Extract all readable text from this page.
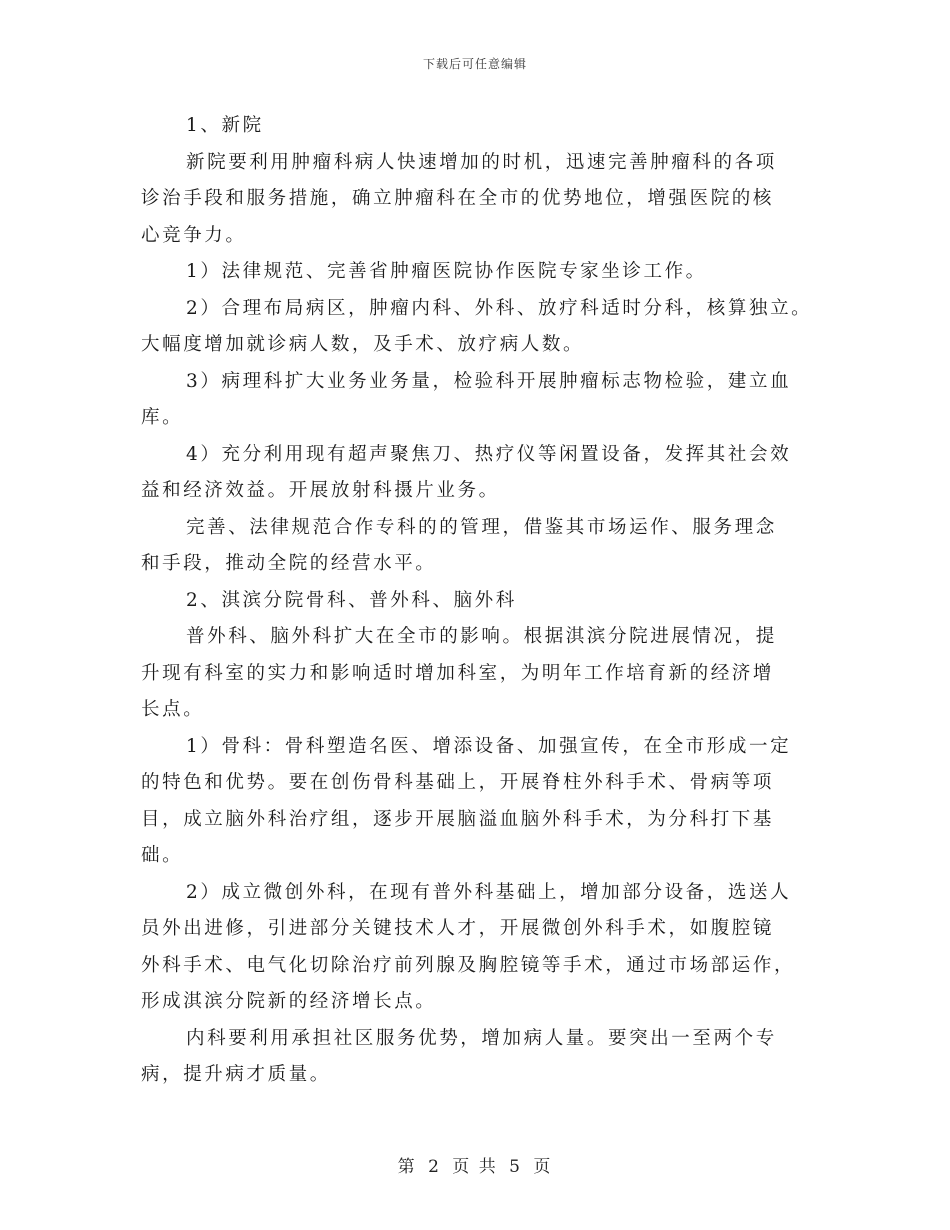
下载后可任意编辑

1、新院

新院要利用肿瘤科病人快速增加的时机，迅速完善肿瘤科的各项
诊治手段和服务措施，确立肿瘤科在全市的优势地位，增强医院的核
心竞争力。

1）法律规范、完善省肿瘤医院协作医院专家坐诊工作。

2）合理布局病区，肿瘤内科、外科、放疗科适时分科，核算独立。
大幅度增加就诊病人数，及手术、放疗病人数。

3）病理科扩大业务业务量，检验科开展肿瘤标志物检验，建立血
库。

4）充分利用现有超声聚焦刀、热疗仪等闲置设备，发挥其社会效
益和经济效益。开展放射科摄片业务。

完善、法律规范合作专科的的管理，借鉴其市场运作、服务理念
和手段，推动全院的经营水平。

2、淇滨分院骨科、普外科、脑外科

普外科、脑外科扩大在全市的影响。根据淇滨分院进展情况，提
升现有科室的实力和影响适时增加科室，为明年工作培育新的经济增
长点。

1）骨科：骨科塑造名医、增添设备、加强宣传，在全市形成一定
的特色和优势。要在创伤骨科基础上，开展脊柱外科手术、骨病等项
目，成立脑外科治疗组，逐步开展脑溢血脑外科手术，为分科打下基
础。

2）成立微创外科，在现有普外科基础上，增加部分设备，选送人
员外出进修，引进部分关键技术人才，开展微创外科手术，如腹腔镜
外科手术、电气化切除治疗前列腺及胸腔镜等手术，通过市场部运作，
形成淇滨分院新的经济增长点。

内科要利用承担社区服务优势，增加病人量。要突出一至两个专
病，提升病才质量。

第 2 页 共 5 页
